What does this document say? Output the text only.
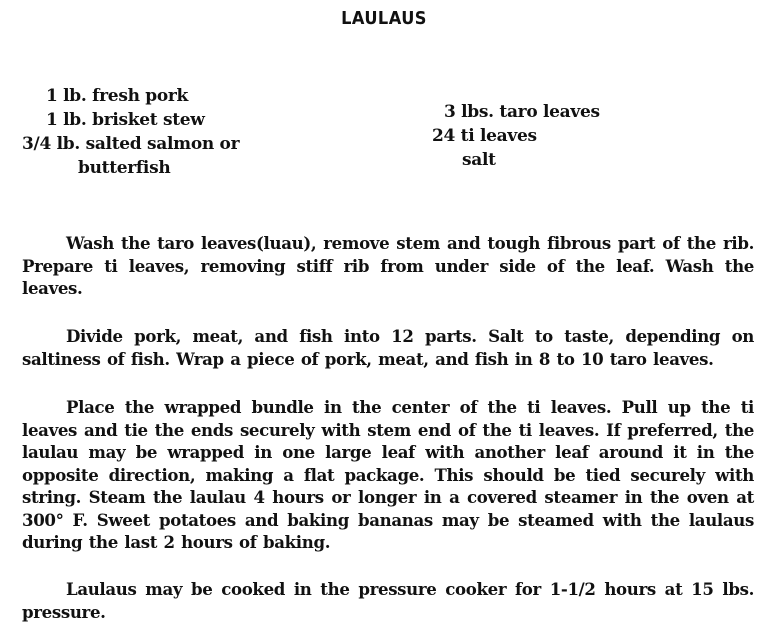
LAULAUS
1 lb. fresh pork
1 lb. brisket stew
3/4 lb. salted salmon or
butterfish
3 lbs. taro leaves
24 ti leaves
salt

Wash the taro leaves(luau), remove stem and tough fibrous part of the rib. Prepare ti leaves, removing stiff rib from under side of the leaf. Wash the leaves.

Divide pork, meat, and fish into 12 parts. Salt to taste, depending on saltiness of fish. Wrap a piece of pork, meat, and fish in 8 to 10 taro leaves.

Place the wrapped bundle in the center of the ti leaves. Pull up the ti leaves and tie the ends securely with stem end of the ti leaves. If preferred, the laulau may be wrapped in one large leaf with another leaf around it in the opposite direction, making a flat package. This should be tied securely with string. Steam the laulau 4 hours or longer in a covered steamer in the oven at 300° F. Sweet potatoes and baking bananas may be steamed with the laulaus during the last 2 hours of baking.

Laulaus may be cooked in the pressure cooker for 1-1/2 hours at 15 lbs. pressure.
